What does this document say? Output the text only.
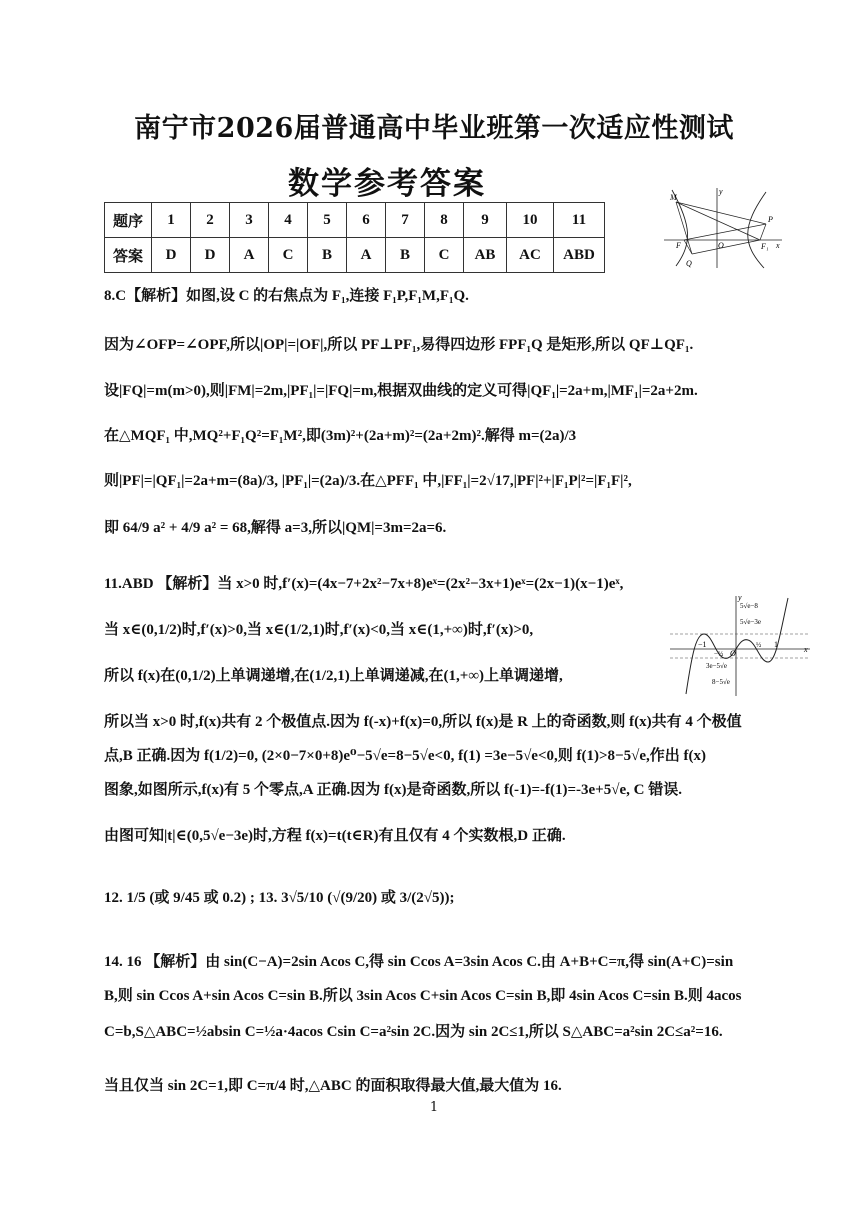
南宁市2026届普通高中毕业班第一次适应性测试
数学参考答案
题序	1	2	3	4	5	6	7	8	9	10	11
答案	D	D	A	C	B	A	B	C	AB	AC	ABD
M
P
F	O	F₁
Q
x
y
5√e−8
5√e−3e
y
x
O
−1
−½
½ 1
3e−5√e
8−5√e
8.C【解析】如图,设 C 的右焦点为 F₁,连接 F₁P,F₁M,F₁Q.
因为∠OFP=∠OPF,所以|OP|=|OF|,所以 PF⊥PF₁,易得四边形 FPF₁Q 是矩形,所以 QF⊥QF₁.
设|FQ|=m(m>0),则|FM|=2m,|PF₁|=|FQ|=m,根据双曲线的定义可得|QF₁|=2a+m,|MF₁|=2a+2m.
在△MQF₁ 中,MQ²+F₁Q²=F₁M²,即(3m)²+(2a+m)²=(2a+2m)².解得 m=(2a)/3
则|PF|=|QF₁|=2a+m=(8a)/3, |PF₁|=(2a)/3.在△PFF₁ 中,|FF₁|=2√17,|PF|²+|F₁P|²=|F₁F|²,
即 64/9 a² + 4/9 a² = 68,解得 a=3,所以|QM|=3m=2a=6.
11.ABD 【解析】当 x>0 时,f′(x)=(4x−7+2x²−7x+8)eˣ=(2x²−3x+1)eˣ=(2x−1)(x−1)eˣ,
当 x∈(0,1/2)时,f′(x)>0,当 x∈(1/2,1)时,f′(x)<0,当 x∈(1,+∞)时,f′(x)>0,
所以 f(x)在(0,1/2)上单调递增,在(1/2,1)上单调递减,在(1,+∞)上单调递增,
所以当 x>0 时,f(x)共有 2 个极值点.因为 f(-x)+f(x)=0,所以 f(x)是 R 上的奇函数,则 f(x)共有 4 个极值
点,B 正确.因为 f(1/2)=0, (2×0−7×0+8)e⁰−5√e=8−5√e<0, f(1) =3e−5√e<0,则 f(1)>8−5√e,作出 f(x)
图象,如图所示,f(x)有 5 个零点,A 正确.因为 f(x)是奇函数,所以 f(-1)=-f(1)=-3e+5√e, C 错误.
由图可知|t|∈(0,5√e−3e)时,方程 f(x)=t(t∈R)有且仅有 4 个实数根,D 正确.
12. 1/5 (或 9/45 或 0.2) ; 13. 3√5/10 (√(9/20) 或 3/(2√5));
14. 16 【解析】由 sin(C−A)=2sin Acos C,得 sin Ccos A=3sin Acos C.由 A+B+C=π,得 sin(A+C)=sin
B,则 sin Ccos A+sin Acos C=sin B.所以 3sin Acos C+sin Acos C=sin B,即 4sin Acos C=sin B.则 4acos
C=b,S△ABC=½absin C=½a·4acos Csin C=a²sin 2C.因为 sin 2C≤1,所以 S△ABC=a²sin 2C≤a²=16.
当且仅当 sin 2C=1,即 C=π/4 时,△ABC 的面积取得最大值,最大值为 16.
1
